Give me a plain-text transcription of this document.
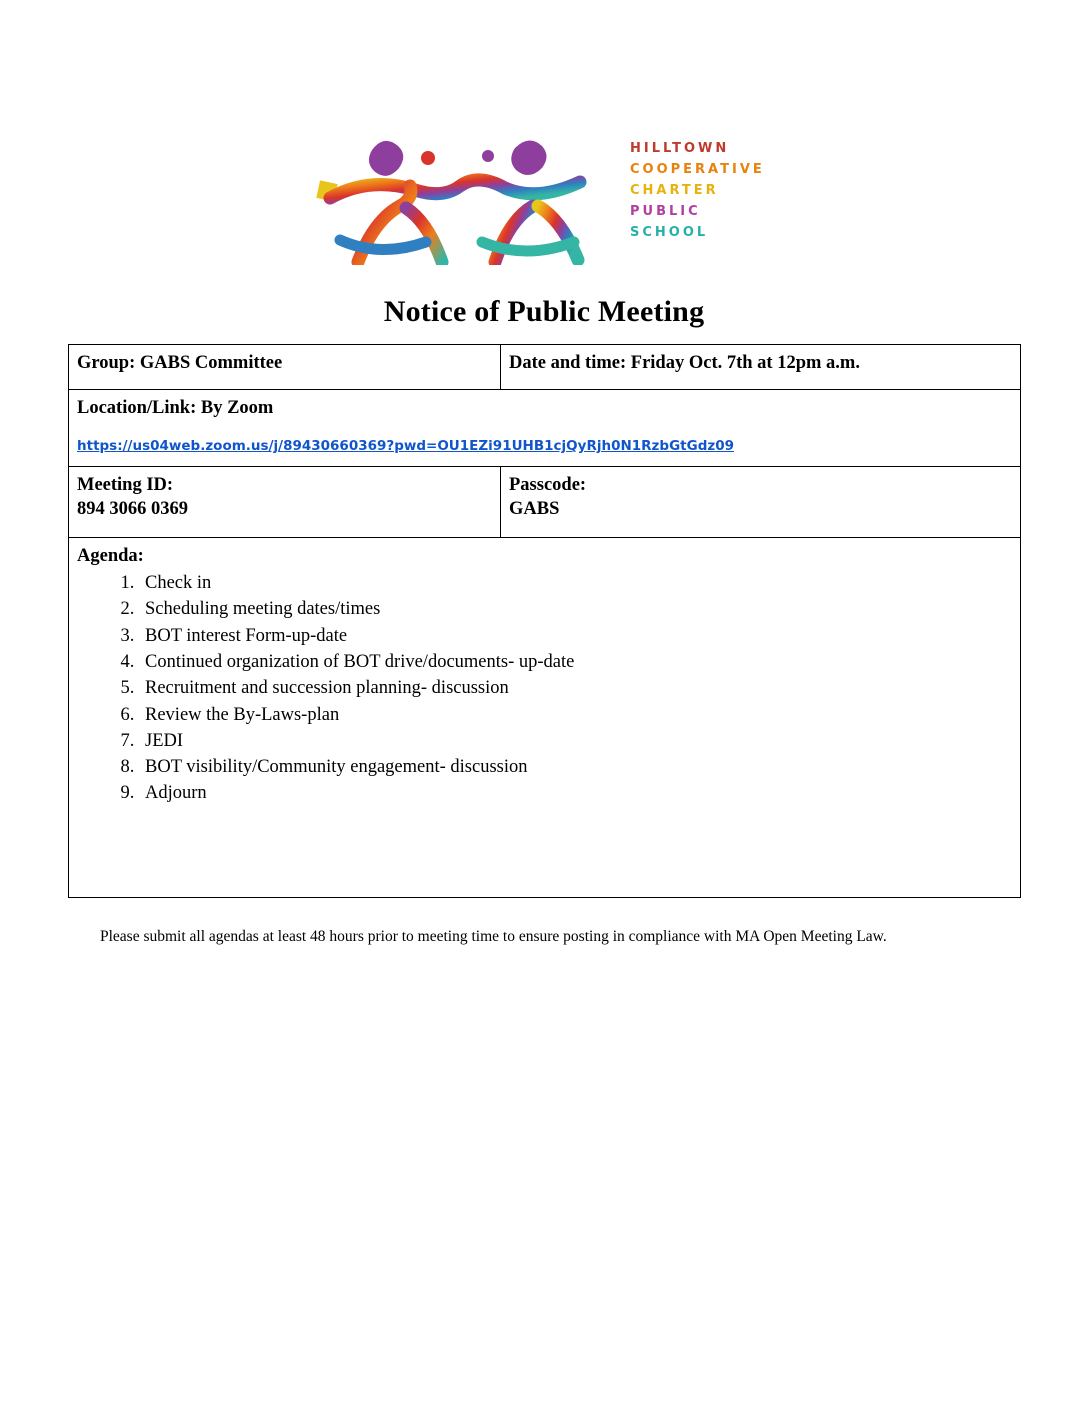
HILLTOWN
COOPERATIVE
CHARTER
PUBLIC
SCHOOL
Notice of Public Meeting
Group: GABS Committee	Date and time: Friday Oct. 7th at 12pm a.m.

Location/Link: By Zoom
https://us04web.zoom.us/j/89430660369?pwd=OU1EZi91UHB1cjQyRjh0N1RzbGtGdz09	

Meeting ID:
894 3066 0369

Passcode:
GABS

Agenda:
1. Check in
2. Scheduling meeting dates/times
3. BOT interest Form-up-date
4. Continued organization of BOT drive/documents- up-date
5. Recruitment and succession planning- discussion
6. Review the By-Laws-plan
7. JEDI
8. BOT visibility/Community engagement- discussion
9. Adjourn
Please submit all agendas at least 48 hours prior to meeting time to ensure posting in compliance with MA Open Meeting Law.
